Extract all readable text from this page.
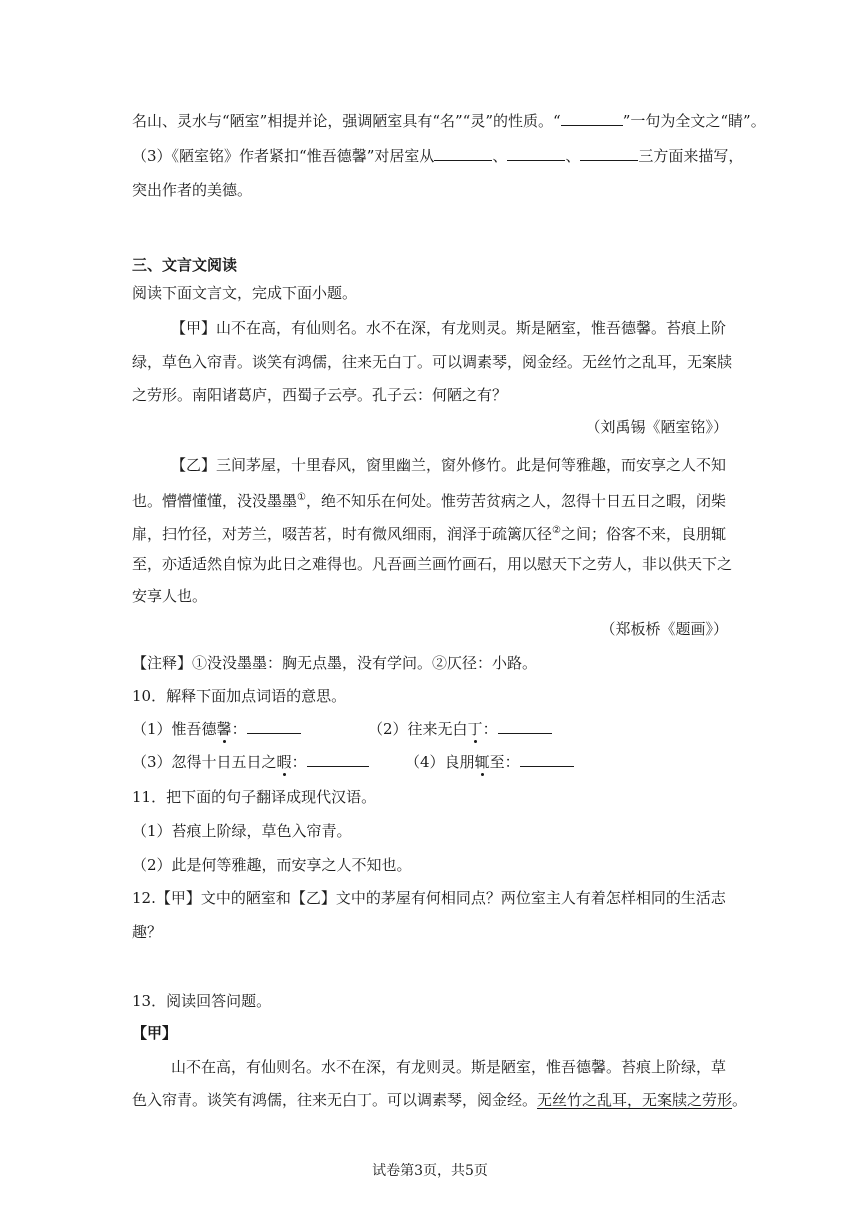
名山、灵水与“陋室”相提并论，强调陋室具有“名”“灵”的性质。“	”一句为全文之“睛”。
（3）《陋室铭》作者紧扣“惟吾德馨”对居室从	、	、	三方面来描写，
突出作者的美德。
三、文言文阅读
阅读下面文言文，完成下面小题。
【甲】山不在高，有仙则名。水不在深，有龙则灵。斯是陋室，惟吾德馨。苔痕上阶
绿，草色入帘青。谈笑有鸿儒，往来无白丁。可以调素琴，阅金经。无丝竹之乱耳，无案牍
之劳形。南阳诸葛庐，西蜀子云亭。孔子云：何陋之有？
（刘禹锡《陋室铭》）
【乙】三间茅屋，十里春风，窗里幽兰，窗外修竹。此是何等雅趣，而安享之人不知
也。懵懵懂懂，没没墨墨①，绝不知乐在何处。惟劳苦贫病之人，忽得十日五日之暇，闭柴
扉，扫竹径，对芳兰，啜苦茗，时有微风细雨，润泽于疏篱仄径②之间；俗客不来，良朋辄
至，亦适适然自惊为此日之难得也。凡吾画兰画竹画石，用以慰天下之劳人，非以供天下之
安享人也。
（郑板桥《题画》）
【注释】①没没墨墨：胸无点墨，没有学问。②仄径：小路。
10．解释下面加点词语的意思。
（1）惟吾德馨：	（2）往来无白丁：
（3）忽得十日五日之暇：	（4）良朋辄至：
11．把下面的句子翻译成现代汉语。
（1）苔痕上阶绿，草色入帘青。
（2）此是何等雅趣，而安享之人不知也。
12.【甲】文中的陋室和【乙】文中的茅屋有何相同点？两位室主人有着怎样相同的生活志
趣？
13．阅读回答问题。
【甲】
山不在高，有仙则名。水不在深，有龙则灵。斯是陋室，惟吾德馨。苔痕上阶绿，草
色入帘青。谈笑有鸿儒，往来无白丁。可以调素琴，阅金经。无丝竹之乱耳，无案牍之劳形。
试卷第3页，共5页
